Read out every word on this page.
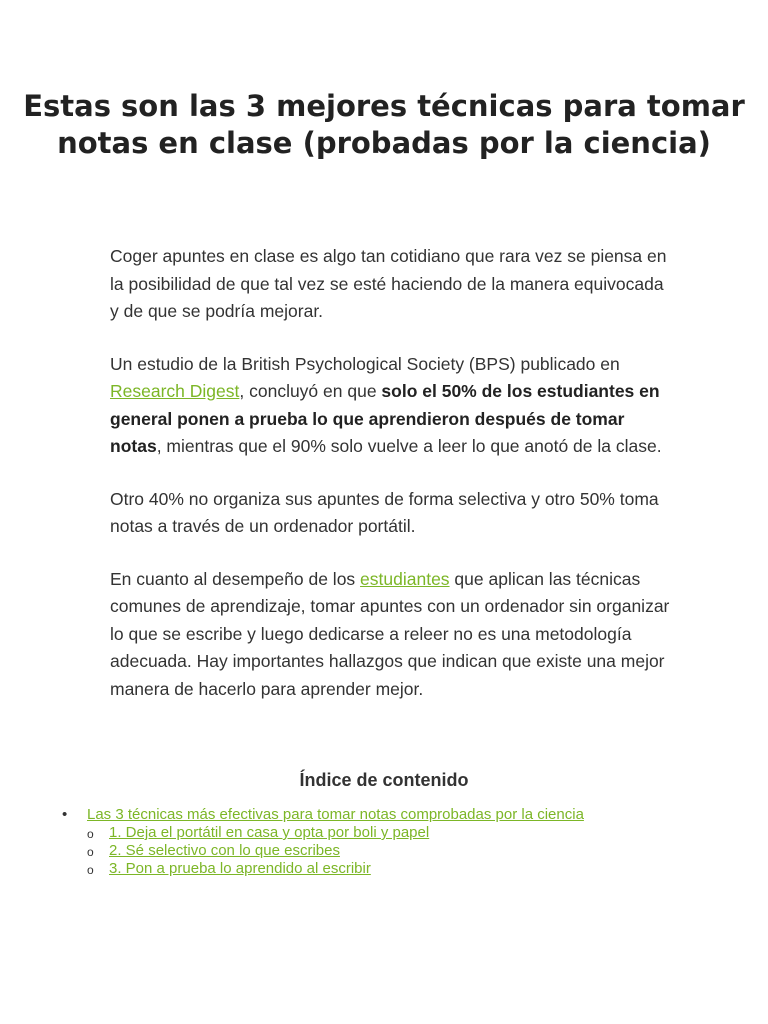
Estas son las 3 mejores técnicas para tomar notas en clase (probadas por la ciencia)

Coger apuntes en clase es algo tan cotidiano que rara vez se piensa en la posibilidad de que tal vez se esté haciendo de la manera equivocada y de que se podría mejorar.

Un estudio de la British Psychological Society (BPS) publicado en Research Digest, concluyó en que solo el 50% de los estudiantes en general ponen a prueba lo que aprendieron después de tomar notas, mientras que el 90% solo vuelve a leer lo que anotó de la clase.

Otro 40% no organiza sus apuntes de forma selectiva y otro 50% toma notas a través de un ordenador portátil.

En cuanto al desempeño de los estudiantes que aplican las técnicas comunes de aprendizaje, tomar apuntes con un ordenador sin organizar lo que se escribe y luego dedicarse a releer no es una metodología adecuada. Hay importantes hallazgos que indican que existe una mejor manera de hacerlo para aprender mejor.

Índice de contenido
• Las 3 técnicas más efectivas para tomar notas comprobadas por la ciencia
o 1. Deja el portátil en casa y opta por boli y papel
o 2. Sé selectivo con lo que escribes
o 3. Pon a prueba lo aprendido al escribir
